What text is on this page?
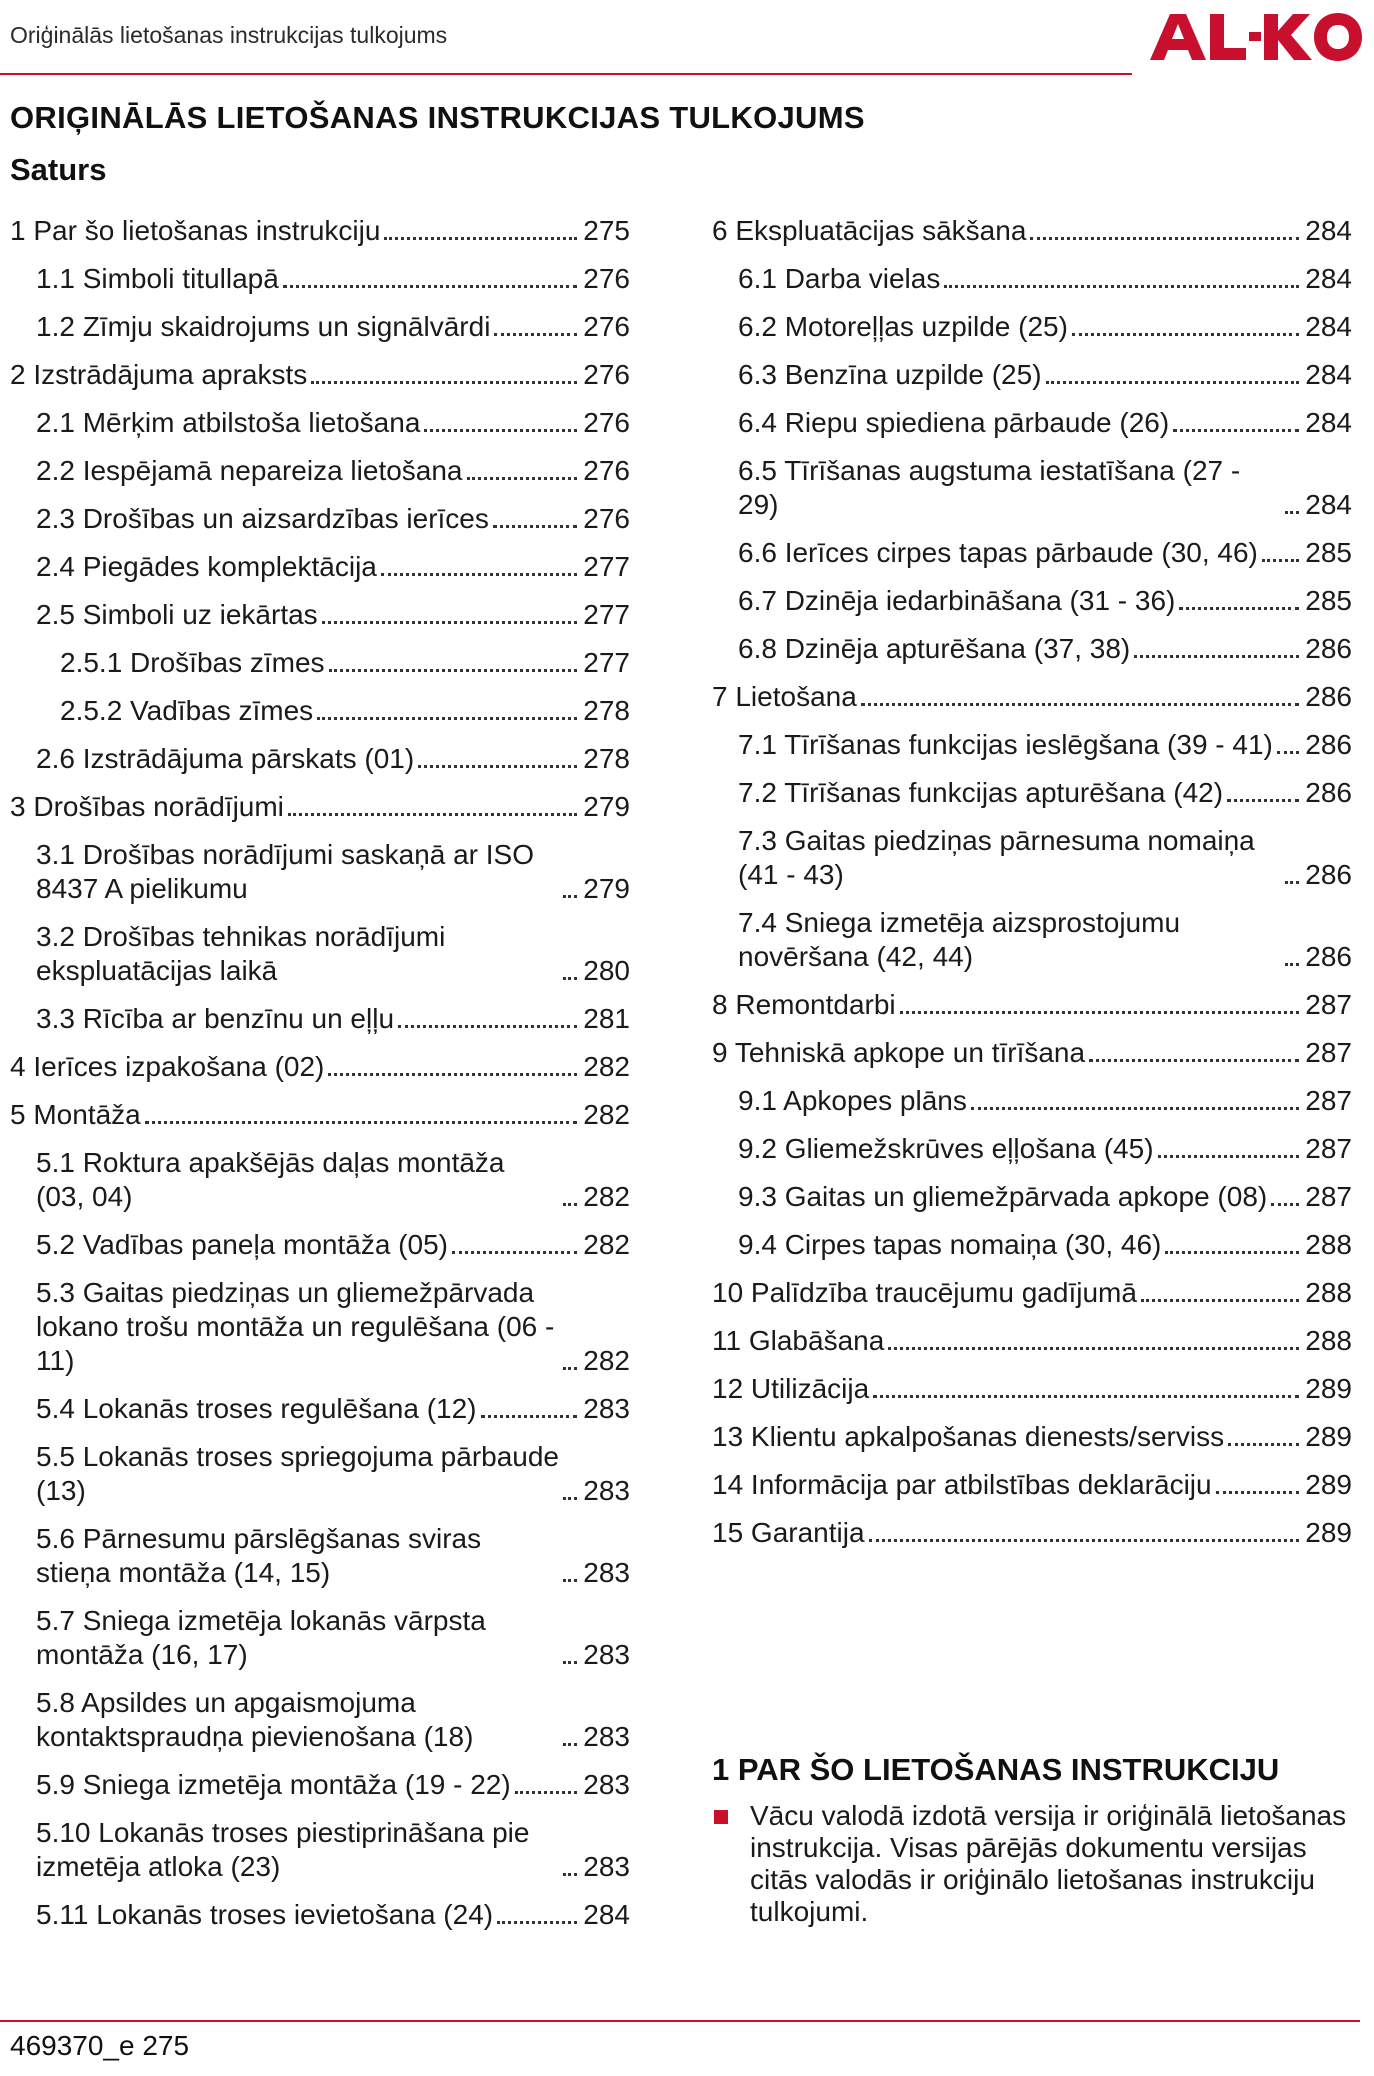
Oriģinālās lietošanas instrukcijas tulkojums
ORIĢINĀLĀS LIETOŠANAS INSTRUKCIJAS TULKOJUMS
Saturs
1 Par šo lietošanas instrukciju	275
1.1 Simboli titullapā	276
1.2 Zīmju skaidrojums un signālvārdi	276
2 Izstrādājuma apraksts	276
2.1 Mērķim atbilstoša lietošana	276
2.2 Iespējamā nepareiza lietošana	276
2.3 Drošības un aizsardzības ierīces	276
2.4 Piegādes komplektācija	277
2.5 Simboli uz iekārtas	277
2.5.1 Drošības zīmes	277
2.5.2 Vadības zīmes	278
2.6 Izstrādājuma pārskats (01)	278
3 Drošības norādījumi	279
3.1 Drošības norādījumi saskaņā ar ISO 8437 A pielikumu	279
3.2 Drošības tehnikas norādījumi ekspluatācijas laikā	280
3.3 Rīcība ar benzīnu un eļļu	281
4 Ierīces izpakošana (02)	282
5 Montāža	282
5.1 Roktura apakšējās daļas montāža (03, 04)	282
5.2 Vadības paneļa montāža (05)	282
5.3 Gaitas piedziņas un gliemežpārvada lokano trošu montāža un regulēšana (06 - 11)	282
5.4 Lokanās troses regulēšana (12)	283
5.5 Lokanās troses spriegojuma pārbaude (13)	283
5.6 Pārnesumu pārslēgšanas sviras stieņa montāža (14, 15)	283
5.7 Sniega izmetēja lokanās vārpsta montāža (16, 17)	283
5.8 Apsildes un apgaismojuma kontaktspraudņa pievienošana (18)	283
5.9 Sniega izmetēja montāža (19 - 22)	283
5.10 Lokanās troses piestiprināšana pie izmetēja atloka (23)	283
5.11 Lokanās troses ievietošana (24)	284
6 Ekspluatācijas sākšana	284
6.1 Darba vielas	284
6.2 Motoreļļas uzpilde (25)	284
6.3 Benzīna uzpilde (25)	284
6.4 Riepu spiediena pārbaude (26)	284
6.5 Tīrīšanas augstuma iestatīšana (27 - 29)	284
6.6 Ierīces cirpes tapas pārbaude (30, 46) 285
6.7 Dzinēja iedarbināšana (31 - 36)	285
6.8 Dzinēja apturēšana (37, 38)	286
7 Lietošana	286
7.1 Tīrīšanas funkcijas ieslēgšana (39 - 41) 286
7.2 Tīrīšanas funkcijas apturēšana (42)	286
7.3 Gaitas piedziņas pārnesuma nomaiņa (41 - 43)	286
7.4 Sniega izmetēja aizsprostojumu novēršana (42, 44)	286
8 Remontdarbi	287
9 Tehniskā apkope un tīrīšana	287
9.1 Apkopes plāns	287
9.2 Gliemežskrūves eļļošana (45)	287
9.3 Gaitas un gliemežpārvada apkope (08) 287
9.4 Cirpes tapas nomaiņa (30, 46)	288
10 Palīdzība traucējumu gadījumā	288
11 Glabāšana	288
12 Utilizācija	289
13 Klientu apkalpošanas dienests/serviss	289
14 Informācija par atbilstības deklarāciju	289
15 Garantija	289
1 PAR ŠO LIETOŠANAS INSTRUKCIJU
Vācu valodā izdotā versija ir oriģinālā lietošanas instrukcija. Visas pārējās dokumentu versijas citās valodās ir oriģinālo lietošanas instrukciju tulkojumi.
469370_e 275
